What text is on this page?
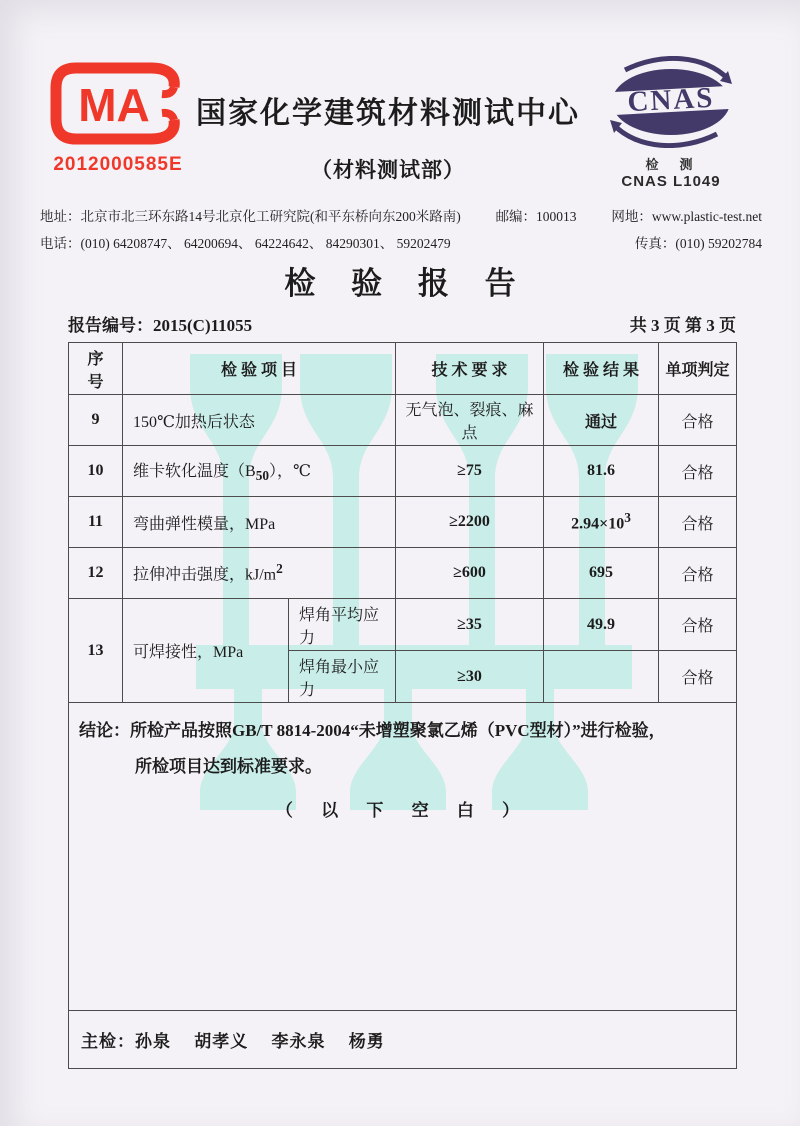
MA
2012000585E
国家化学建筑材料测试中心
（材料测试部）
CNAS
检　测
CNAS L1049
地址：北京市北三环东路14号北京化工研究院(和平东桥向东200米路南)	邮编：100013	网地：www.plastic-test.net
电话：(010) 64208747、 64200694、 64224642、 84290301、 59202479	传真：(010) 59202784
检 验 报 告
报告编号：2015(C)11055	共 3 页 第 3 页
序　号	检 验 项 目		技 术 要 求	检 验 结 果	单项判定
9	150℃加热后状态		无气泡、裂痕、麻点	通过	合格
10	维卡软化温度$(B_{50})$，℃		≥75	81.6	合格
11	弯曲弹性模量，MPa		≥2200	$2.94\times 10^3$	合格
12	拉伸冲击强度，$kJ/m^2$		≥600	695	合格
13	可焊接性，MPa	焊角平均应力	≥35	49.9	合格
		焊角最小应力	≥30		合格

结论：所检产品按照GB/T 8814-2004“未增塑聚氯乙烯（PVC型材）”进行检验，
所检项目达到标准要求。
（ 以 下 空 白 ）					

主检：孙泉　 胡孝义　 李永泉　 杨勇					
